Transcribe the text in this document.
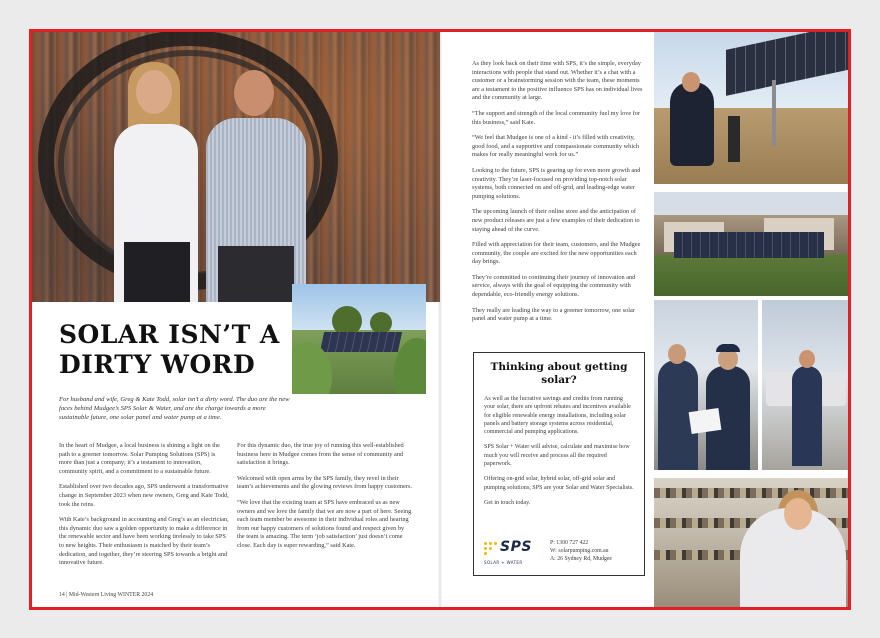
SOLAR ISN’T A DIRTY WORD

For husband and wife, Greg & Kate Todd, solar isn’t a dirty word. The duo are the new faces behind Mudgee’s SPS Solar & Water, and are the charge towards a more sustainable future, one solar panel and water pump at a time.

In the heart of Mudgee, a local business is shining a light on the path to a greener tomorrow. Solar Pumping Solutions (SPS) is more than just a company; it’s a testament to innovation, community spirit, and a commitment to a sustainable future.

Established over two decades ago, SPS underwent a transformative change in September 2023 when new owners, Greg and Kate Todd, took the reins.

With Kate’s background in accounting and Greg’s as an electrician, this dynamic duo saw a golden opportunity to make a difference in the renewable sector and have been working tirelessly to take SPS to new heights. Their enthusiasm is matched by their team’s dedication, and together, they’re steering SPS towards a bright and innovative future.

For this dynamic duo, the true joy of running this well-established business here in Mudgee comes from the sense of community and satisfaction it brings.

Welcomed with open arms by the SPS family, they revel in their team’s achievements and the glowing reviews from happy customers.

“We love that the existing team at SPS have embraced us as new owners and we love the family that we are now a part of here. Seeing each team member be awesome in their individual roles and hearing from our happy customers of solutions found and respect given by the team is amazing. The term ‘job satisfaction’ just doesn’t come close. Each day is super rewarding,” said Kate.

14 | Mid-Western Living WINTER 2024

As they look back on their time with SPS, it’s the simple, everyday interactions with people that stand out. Whether it’s a chat with a customer or a brainstorming session with the team, these moments are a testament to the positive influence SPS has on individual lives and the community at large.

“The support and strength of the local community fuel my love for this business,” said Kate.

“We feel that Mudgee is one of a kind - it’s filled with creativity, good food, and a supportive and compassionate community which makes for really meaningful work for us.”

Looking to the future, SPS is gearing up for even more growth and creativity. They’re laser-focused on providing top-notch solar systems, both connected on and off-grid, and leading-edge water pumping solutions.

The upcoming launch of their online store and the anticipation of new product releases are just a few examples of their dedication to staying ahead of the curve.

Filled with appreciation for their team, customers, and the Mudgee community, the couple are excited for the new opportunities each day brings.

They’re committed to continuing their journey of innovation and service, always with the goal of equipping the community with dependable, eco-friendly energy solutions.

They really are leading the way to a greener tomorrow, one solar panel and water pump at a time.

Thinking about getting solar?

As well as the lucrative savings and credits from running your solar, there are upfront rebates and incentives available for eligible renewable energy installations, including solar panels and battery storage systems across residential, commercial and pumping applications.

SPS Solar + Water will advise, calculate and maximise how much you will receive and process all the required paperwork.

Offering on-grid solar, hybrid solar, off-grid solar and pumping solutions, SPS are your Solar and Water Specialists.

Get in touch today.

SPS
SOLAR + WATER
P: 1300 727 422
W: solarpumping.com.au
A: 26 Sydney Rd, Mudgee
